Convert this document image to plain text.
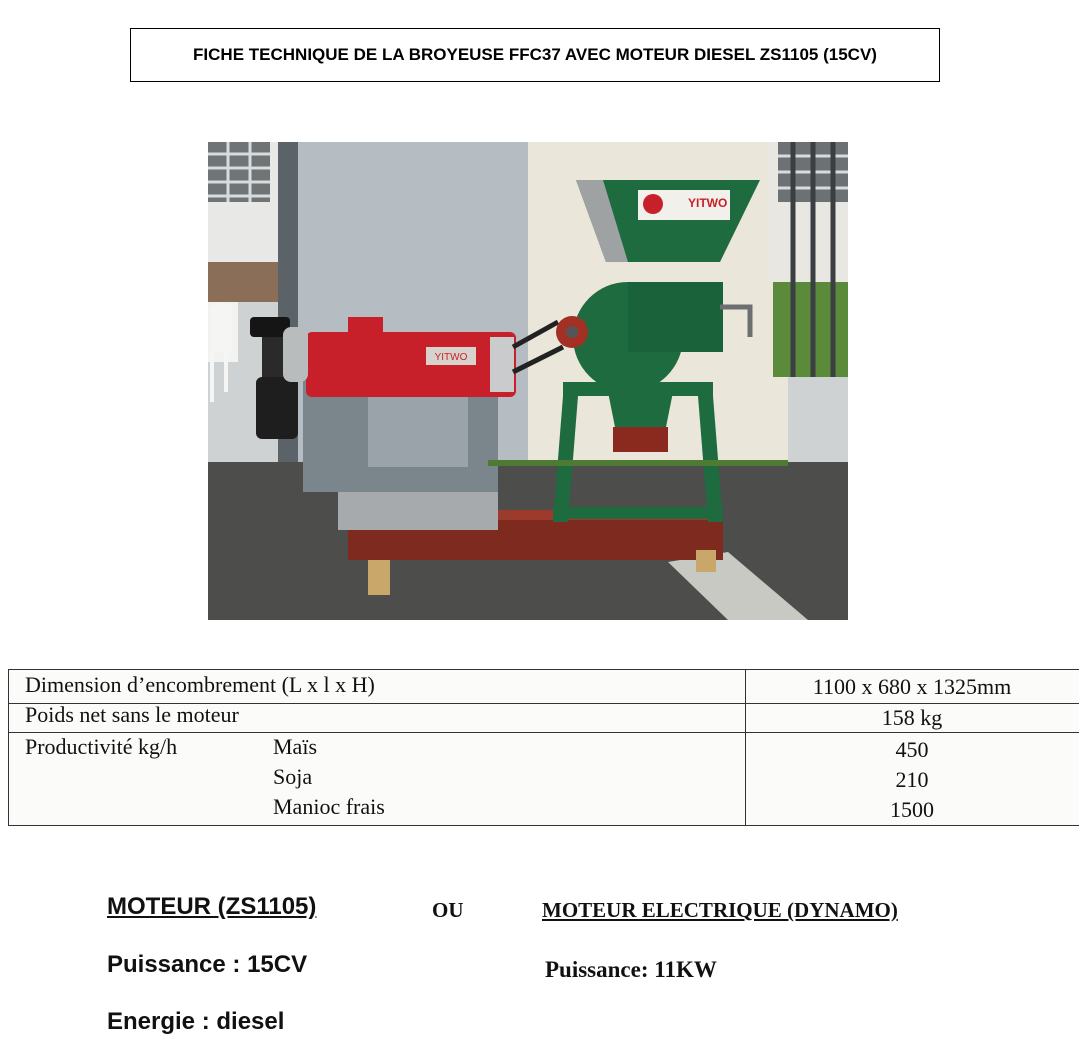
FICHE TECHNIQUE DE LA BROYEUSE FFC37 AVEC MOTEUR DIESEL ZS1105 (15CV)
YITWO
YITWO
Dimension d’encombrement (L x l x H)	1100 x 680 x 1325mm
Poids net sans le moteur	158 kg
Productivité kg/h	Maïs	450
Soja	210
Manioc frais	1500
MOTEUR (ZS1105)	OU	MOTEUR ELECTRIQUE (DYNAMO)
Puissance : 15CV	Puissance: 11KW
Energie : diesel
